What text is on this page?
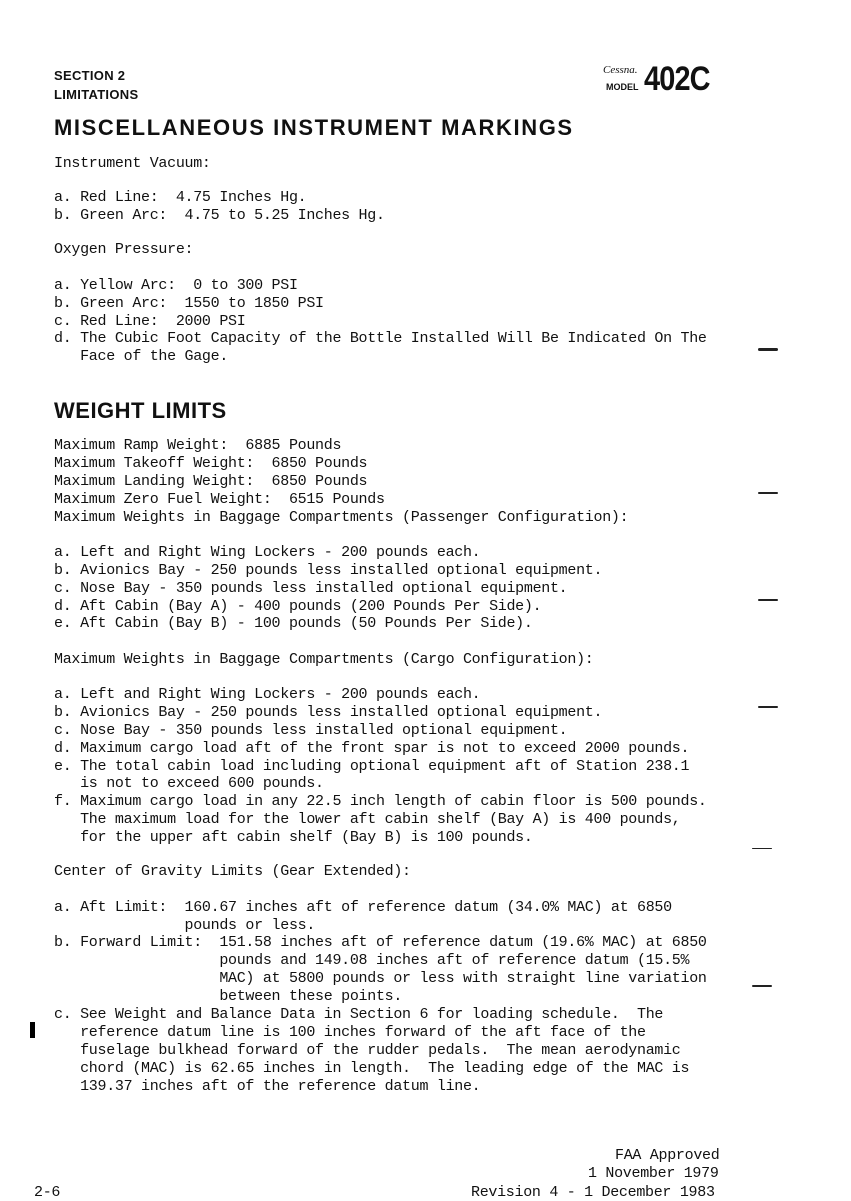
SECTION 2
LIMITATIONS
Cessna.
MODEL 402C
MISCELLANEOUS INSTRUMENT MARKINGS
Instrument Vacuum:
a. Red Line:  4.75 Inches Hg.
b. Green Arc:  4.75 to 5.25 Inches Hg.
Oxygen Pressure:
a. Yellow Arc:  0 to 300 PSI
b. Green Arc:  1550 to 1850 PSI
c. Red Line:  2000 PSI
d. The Cubic Foot Capacity of the Bottle Installed Will Be Indicated On The
Face of the Gage.
WEIGHT LIMITS
Maximum Ramp Weight:  6885 Pounds
Maximum Takeoff Weight:  6850 Pounds
Maximum Landing Weight:  6850 Pounds
Maximum Zero Fuel Weight:  6515 Pounds
Maximum Weights in Baggage Compartments (Passenger Configuration):
a. Left and Right Wing Lockers - 200 pounds each.
b. Avionics Bay - 250 pounds less installed optional equipment.
c. Nose Bay - 350 pounds less installed optional equipment.
d. Aft Cabin (Bay A) - 400 pounds (200 Pounds Per Side).
e. Aft Cabin (Bay B) - 100 pounds (50 Pounds Per Side).
Maximum Weights in Baggage Compartments (Cargo Configuration):
a. Left and Right Wing Lockers - 200 pounds each.
b. Avionics Bay - 250 pounds less installed optional equipment.
c. Nose Bay - 350 pounds less installed optional equipment.
d. Maximum cargo load aft of the front spar is not to exceed 2000 pounds.
e. The total cabin load including optional equipment aft of Station 238.1
is not to exceed 600 pounds.
f. Maximum cargo load in any 22.5 inch length of cabin floor is 500 pounds.
The maximum load for the lower aft cabin shelf (Bay A) is 400 pounds,
for the upper aft cabin shelf (Bay B) is 100 pounds.
Center of Gravity Limits (Gear Extended):
a. Aft Limit:  160.67 inches aft of reference datum (34.0% MAC) at 6850
pounds or less.
b. Forward Limit:  151.58 inches aft of reference datum (19.6% MAC) at 6850
pounds and 149.08 inches aft of reference datum (15.5%
MAC) at 5800 pounds or less with straight line variation
between these points.
c. See Weight and Balance Data in Section 6 for loading schedule.  The
reference datum line is 100 inches forward of the aft face of the
fuselage bulkhead forward of the rudder pedals.  The mean aerodynamic
chord (MAC) is 62.65 inches in length.  The leading edge of the MAC is
139.37 inches aft of the reference datum line.
FAA Approved
1 November 1979
2-6	Revision 4 - 1 December 1983
